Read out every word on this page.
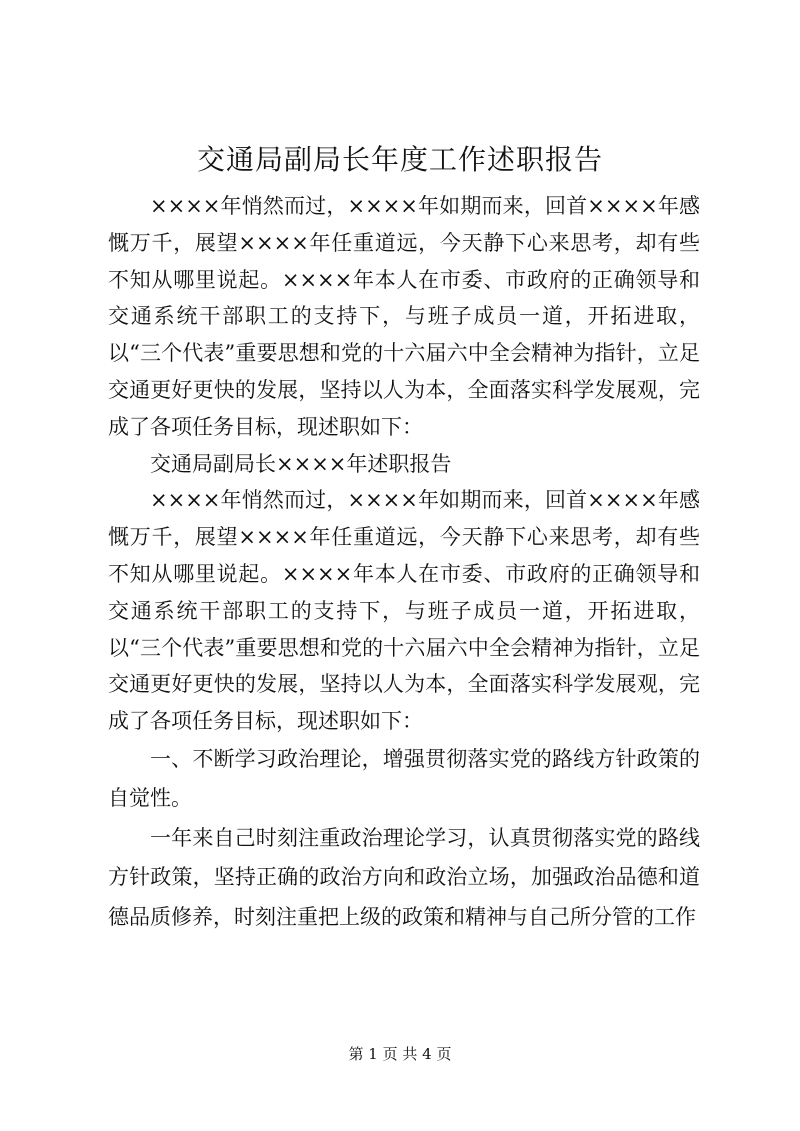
交通局副局长年度工作述职报告

××××年悄然而过，××××年如期而来，回首××××年感慨万千，展望××××年任重道远，今天静下心来思考，却有些不知从哪里说起。××××年本人在市委、市政府的正确领导和交通系统干部职工的支持下，与班子成员一道，开拓进取，以“三个代表”重要思想和党的十六届六中全会精神为指针，立足交通更好更快的发展，坚持以人为本，全面落实科学发展观，完成了各项任务目标，现述职如下：

交通局副局长××××年述职报告

××××年悄然而过，××××年如期而来，回首××××年感慨万千，展望××××年任重道远，今天静下心来思考，却有些不知从哪里说起。××××年本人在市委、市政府的正确领导和交通系统干部职工的支持下，与班子成员一道，开拓进取，以“三个代表”重要思想和党的十六届六中全会精神为指针，立足交通更好更快的发展，坚持以人为本，全面落实科学发展观，完成了各项任务目标，现述职如下：

一、不断学习政治理论，增强贯彻落实党的路线方针政策的自觉性。

一年来自己时刻注重政治理论学习，认真贯彻落实党的路线方针政策，坚持正确的政治方向和政治立场，加强政治品德和道德品质修养，时刻注重把上级的政策和精神与自己所分管的工作

第 1 页 共 4 页
